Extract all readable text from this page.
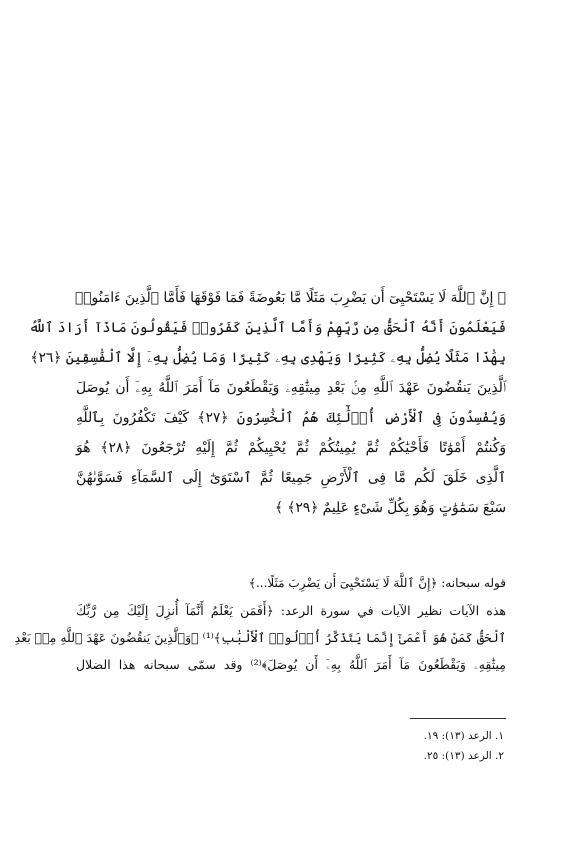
﴿ إِنَّ ٱللَّهَ لَا يَسْتَحْيِىٓ أَن يَضْرِبَ مَثَلًا مَّا بَعُوضَةً فَمَا فَوْقَهَا فَأَمَّا ٱلَّذِينَ ءَامَنُوا۟
فَيَعْلَمُونَ أَنَّهُ ٱلْحَقُّ مِن رَّبِّهِمْ وَأَمَّا ٱلَّذِينَ كَفَرُوا۟ فَيَقُولُونَ مَاذَآ أَرَادَ ٱللَّهُ
بِهَٰذَا مَثَلًا يُضِلُّ بِهِۦ كَثِيرًا وَيَهْدِى بِهِۦ كَثِيرًا وَمَا يُضِلُّ بِهِۦٓ إِلَّا ٱلْفَٰسِقِينَ ﴿٢٦﴾
ٱلَّذِينَ يَنقُضُونَ عَهْدَ ٱللَّهِ مِنۢ بَعْدِ مِيثَٰقِهِۦ وَيَقْطَعُونَ مَآ أَمَرَ ٱللَّهُ بِهِۦٓ أَن يُوصَلَ
وَيُفْسِدُونَ فِى ٱلْأَرْضِ أُو۟لَٰٓئِكَ هُمُ ٱلْخَٰسِرُونَ ﴿٢٧﴾ كَيْفَ تَكْفُرُونَ بِٱللَّهِ
وَكُنتُمْ أَمْوَٰتًا فَأَحْيَٰكُمْ ثُمَّ يُمِيتُكُمْ ثُمَّ يُحْيِيكُمْ ثُمَّ إِلَيْهِ تُرْجَعُونَ ﴿٢٨﴾ هُوَ
ٱلَّذِى خَلَقَ لَكُم مَّا فِى ٱلْأَرْضِ جَمِيعًا ثُمَّ ٱسْتَوَىٰٓ إِلَى ٱلسَّمَآءِ فَسَوَّىٰهُنَّ
سَبْعَ سَمَٰوَٰتٍ وَهُوَ بِكُلِّ شَىْءٍ عَلِيمٌ ﴿٢٩﴾ ﴾
قوله سبحانه: ﴿إِنَّ ٱللَّهَ لَا يَسْتَحْيِىٓ أَن يَضْرِبَ مَثَلًا...﴾
هذه الآيات نظير الآيات في سورة الرعد: ﴿أَفَمَن يَعْلَمُ أَنَّمَآ أُنزِلَ إِلَيْكَ مِن رَّبِّكَ
ٱلْحَقُّ كَمَنْ هُوَ أَعْمَىٰٓ إِنَّمَا يَتَذَكَّرُ أُو۟لُوا۟ ٱلْأَلْبَٰبِ﴾⁽¹⁾ ﴿وَٱلَّذِينَ يَنقُضُونَ عَهْدَ ٱللَّهِ مِنۢ بَعْدِ
مِيثَٰقِهِۦ وَيَقْطَعُونَ مَآ أَمَرَ ٱللَّهُ بِهِۦٓ أَن يُوصَلَ﴾⁽²⁾ وقد سمّى سبحانه هذا الضلال
١. الرعد (١٣): ١٩.
٢. الرعد (١٣): ٢٥.
